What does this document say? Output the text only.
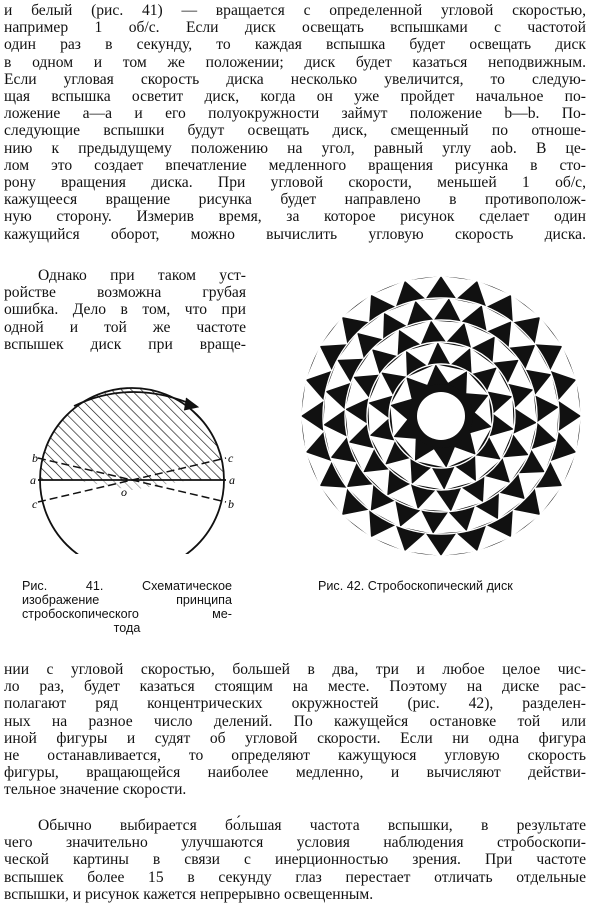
и белый (рис. 41) — вращается с определенной угловой скоростью,
например 1 об/с. Если диск освещать вспышками с частотой
один раз в секунду, то каждая вспышка будет освещать диск
в одном и том же положении; диск будет казаться неподвижным.
Если угловая скорость диска несколько увеличится, то следую-
щая вспышка осветит диск, когда он уже пройдет начальное по-
ложение a—a и его полуокружности займут положение b—b. По-
следующие вспышки будут освещать диск, смещенный по отноше-
нию к предыдущему положению на угол, равный углу aob. В це-
лом это создает впечатление медленного вращения рисунка в сто-
рону вращения диска. При угловой скорости, меньшей 1 об/с,
кажущееся вращение рисунка будет направлено в противополож-
ную сторону. Измерив время, за которое рисунок сделает один
кажущийся оборот, можно вычислить угловую скорость диска.
Однако при таком уст-
ройстве возможна грубая
ошибка. Дело в том, что при
одной и той же частоте
вспышек диск при враще-
b
a
c
o
c
a
b
Рис. 41. Схематическое
изображение принципа
стробоскопического ме-
тода
Рис. 42. Стробоскопический диск
нии с угловой скоростью, большей в два, три и любое целое чис-
ло раз, будет казаться стоящим на месте. Поэтому на диске рас-
полагают ряд концентрических окружностей (рис. 42), разделен-
ных на разное число делений. По кажущейся остановке той или
иной фигуры и судят об угловой скорости. Если ни одна фигура
не останавливается, то определяют кажущуюся угловую скорость
фигуры, вращающейся наиболее медленно, и вычисляют действи-
тельное значение скорости.
Обычно выбирается бо́льшая частота вспышки, в результате
чего значительно улучшаются условия наблюдения стробоскопи-
ческой картины в связи с инерционностью зрения. При частоте
вспышек более 15 в секунду глаз перестает отличать отдельные
вспышки, и рисунок кажется непрерывно освещенным.
